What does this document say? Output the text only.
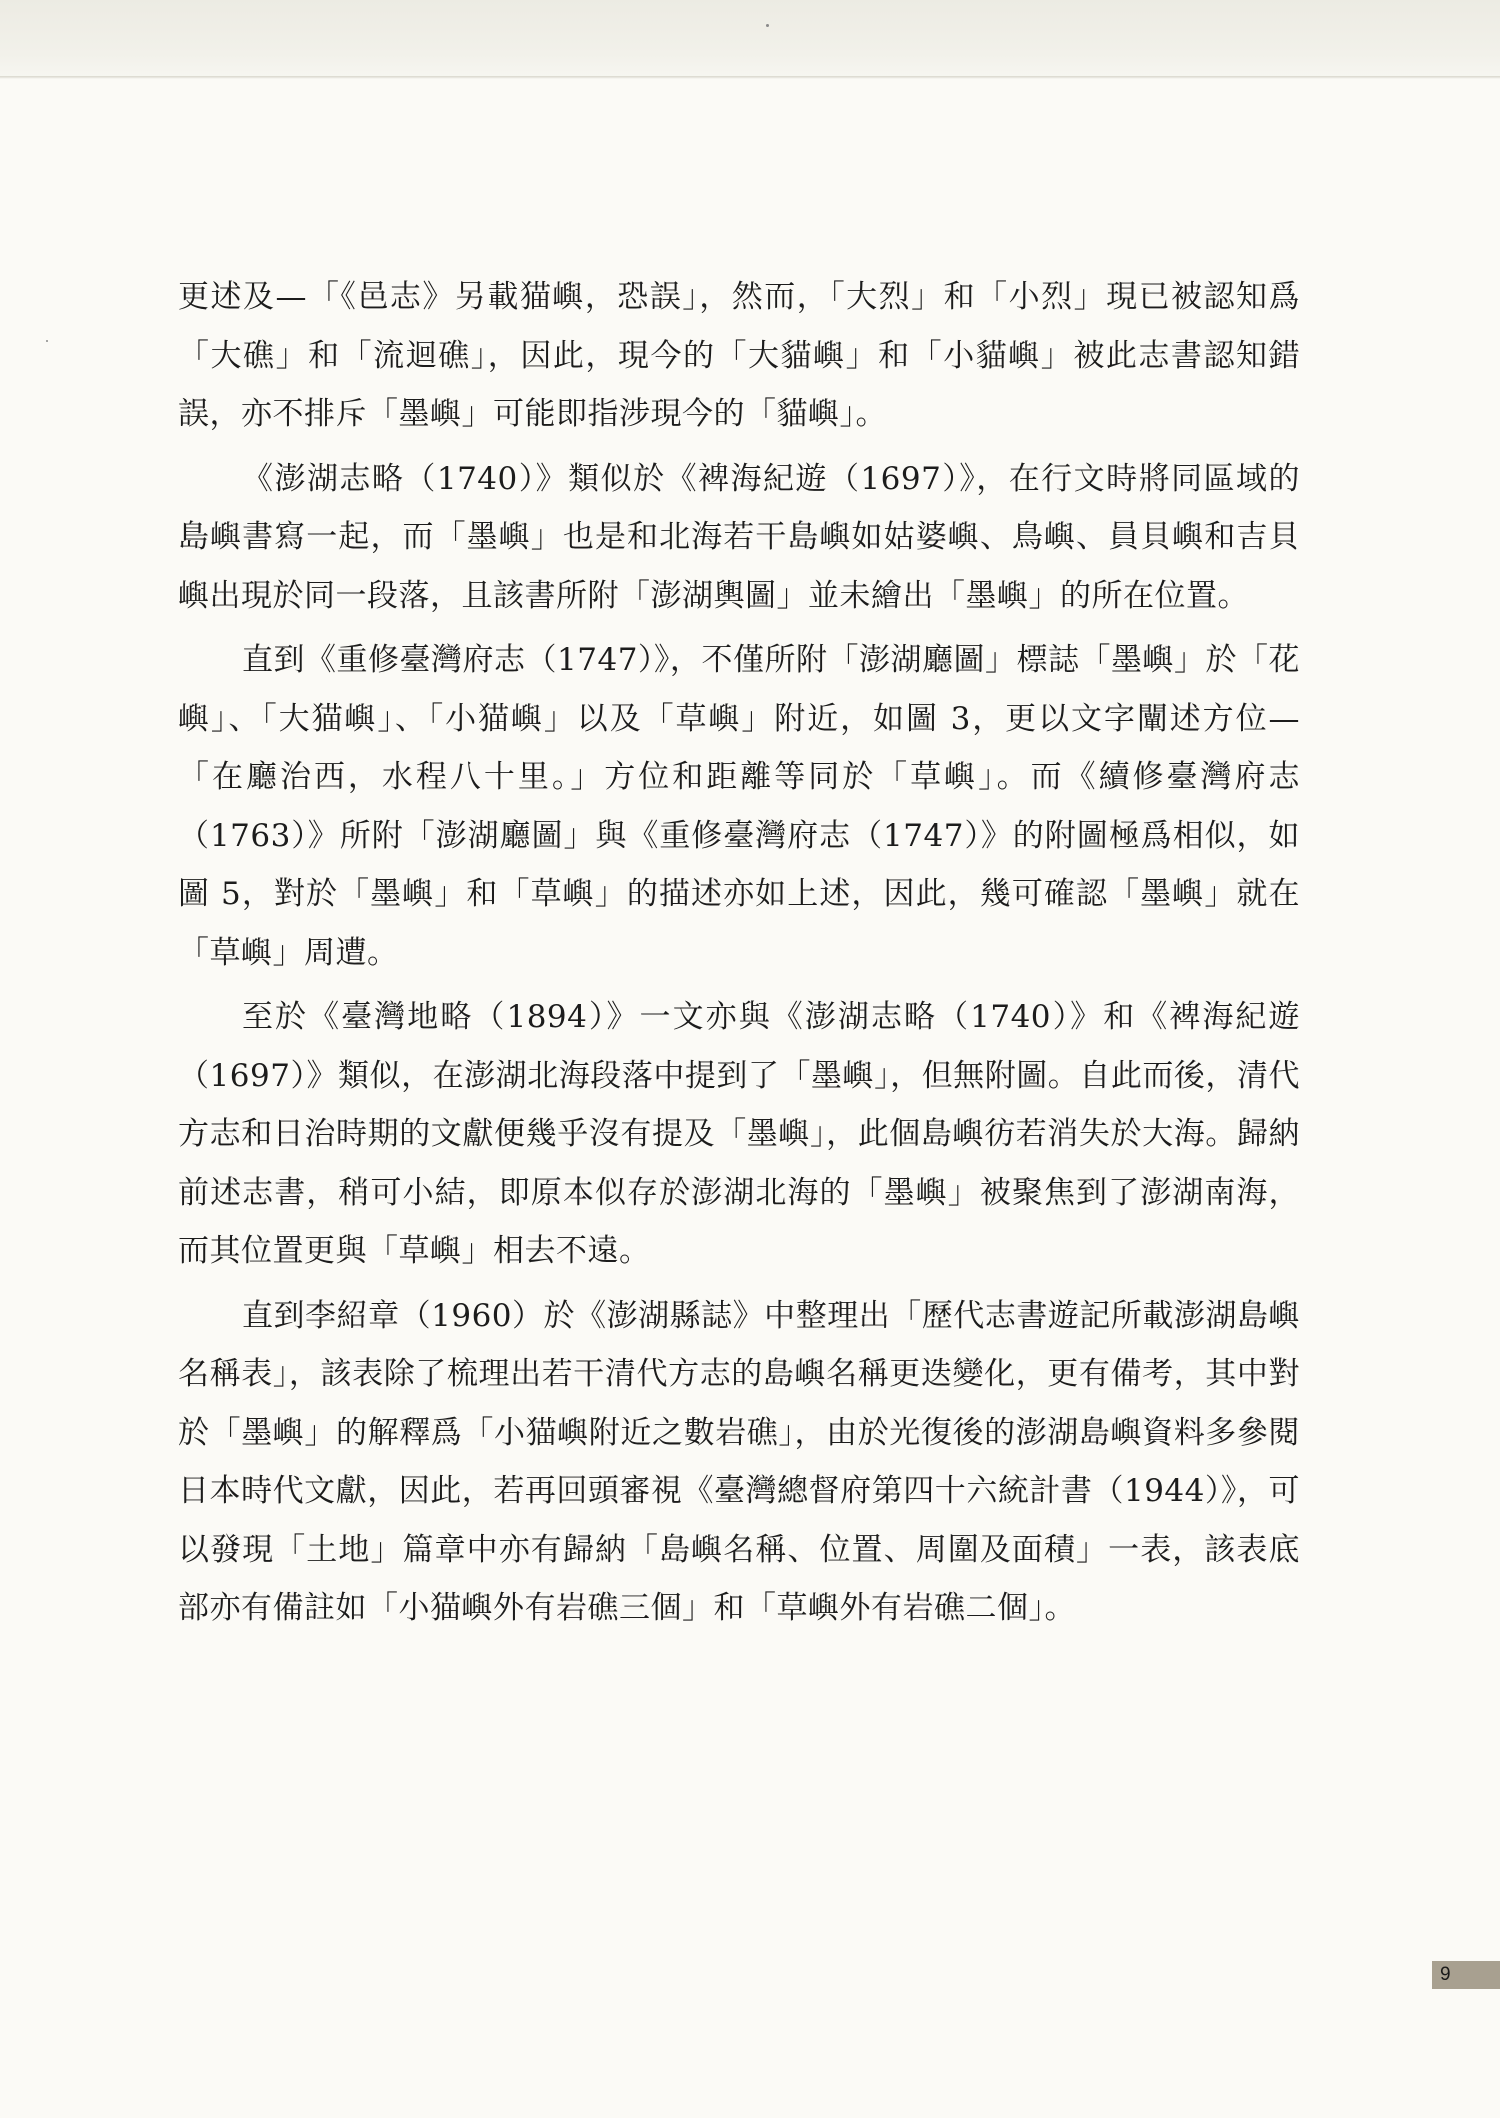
更述及—「《邑志》另載猫嶼，恐誤」，然而，「大烈」和「小烈」現已被認知爲「大礁」和「流迴礁」，因此，現今的「大貓嶼」和「小貓嶼」被此志書認知錯誤，亦不排斥「墨嶼」可能即指涉現今的「貓嶼」。

《澎湖志略（1740）》類似於《裨海紀遊（1697）》，在行文時將同區域的島嶼書寫一起，而「墨嶼」也是和北海若干島嶼如姑婆嶼、鳥嶼、員貝嶼和吉貝嶼出現於同一段落，且該書所附「澎湖輿圖」並未繪出「墨嶼」的所在位置。

直到《重修臺灣府志（1747）》，不僅所附「澎湖廳圖」標誌「墨嶼」於「花嶼」、「大猫嶼」、「小猫嶼」以及「草嶼」附近，如圖 3，更以文字闡述方位—「在廳治西，水程八十里。」方位和距離等同於「草嶼」。而《續修臺灣府志（1763）》所附「澎湖廳圖」與《重修臺灣府志（1747）》的附圖極爲相似，如圖 5，對於「墨嶼」和「草嶼」的描述亦如上述，因此，幾可確認「墨嶼」就在「草嶼」周遭。

至於《臺灣地略（1894）》一文亦與《澎湖志略（1740）》和《裨海紀遊（1697）》類似，在澎湖北海段落中提到了「墨嶼」，但無附圖。自此而後，清代方志和日治時期的文獻便幾乎沒有提及「墨嶼」，此個島嶼彷若消失於大海。歸納前述志書，稍可小結，即原本似存於澎湖北海的「墨嶼」被聚焦到了澎湖南海，而其位置更與「草嶼」相去不遠。

直到李紹章（1960）於《澎湖縣誌》中整理出「歷代志書遊記所載澎湖島嶼名稱表」，該表除了梳理出若干清代方志的島嶼名稱更迭變化，更有備考，其中對於「墨嶼」的解釋爲「小猫嶼附近之數岩礁」，由於光復後的澎湖島嶼資料多參閱日本時代文獻，因此，若再回頭審視《臺灣總督府第四十六統計書（1944）》，可以發現「土地」篇章中亦有歸納「島嶼名稱、位置、周圍及面積」一表，該表底部亦有備註如「小猫嶼外有岩礁三個」和「草嶼外有岩礁二個」。

9
